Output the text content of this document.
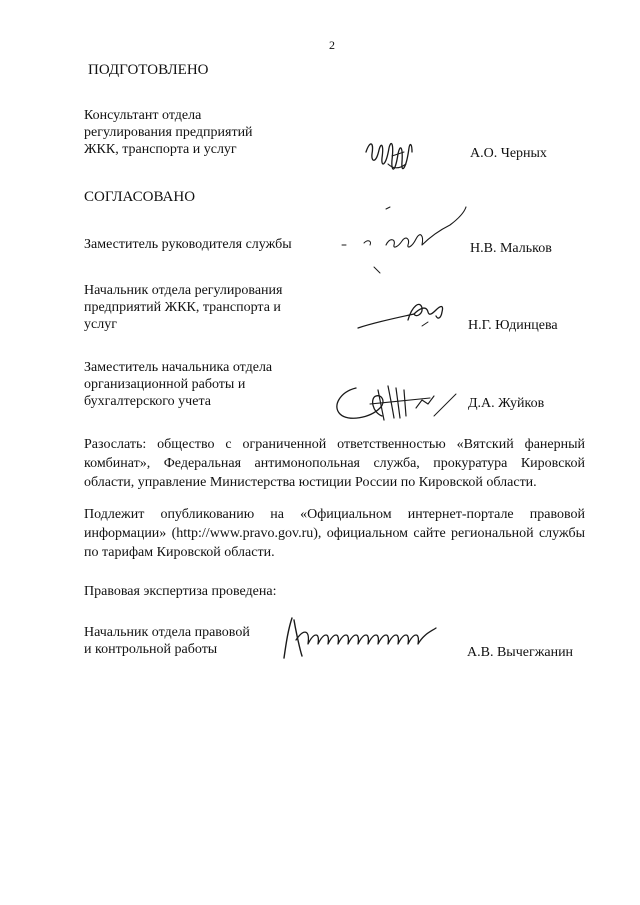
2
ПОДГОТОВЛЕНО
Консультант отдела
регулирования предприятий
ЖКК, транспорта и услуг	А.О. Черных
СОГЛАСОВАНО
Заместитель руководителя службы	Н.В. Мальков
Начальник отдела регулирования
предприятий ЖКК, транспорта и
услуг	Н.Г. Юдинцева
Заместитель начальника отдела
организационной работы и
бухгалтерского учета	Д.А. Жуйков
Разослать: общество с ограниченной ответственностью «Вятский фанерный комбинат», Федеральная антимонопольная служба, прокуратура Кировской области, управление Министерства юстиции России по Кировской области.
Подлежит опубликованию на «Официальном интернет-портале правовой информации» (http://www.pravo.gov.ru), официальном сайте региональной службы по тарифам Кировской области.
Правовая экспертиза проведена:
Начальник отдела правовой
и контрольной работы	А.В. Вычегжанин
